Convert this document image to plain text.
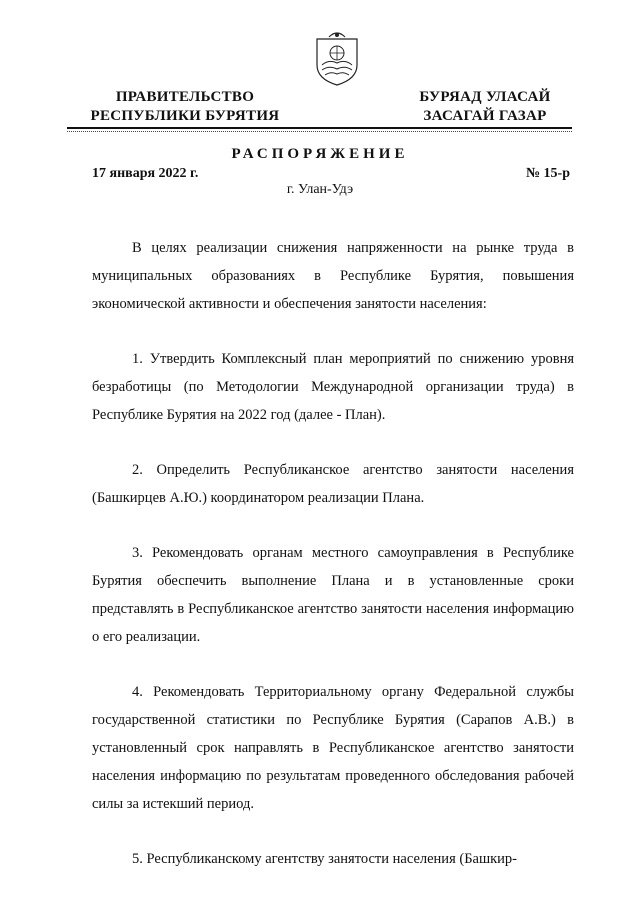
ПРАВИТЕЛЬСТВО
РЕСПУБЛИКИ БУРЯТИЯ
БУРЯАД УЛАСАЙ
ЗАСАГАЙ ГАЗАР
РАСПОРЯЖЕНИЕ
17 января 2022 г.	№ 15-р
г. Улан-Удэ

В целях реализации снижения напряженности на рынке труда в муниципальных образованиях в Республике Бурятия, повышения экономической активности и обеспечения занятости населения:

1. Утвердить Комплексный план мероприятий по снижению уровня безработицы (по Методологии Международной организации труда) в Республике Бурятия на 2022 год (далее - План).

2. Определить Республиканское агентство занятости населения (Башкирцев А.Ю.) координатором реализации Плана.

3. Рекомендовать органам местного самоуправления в Республике Бурятия обеспечить выполнение Плана и в установленные сроки представлять в Республиканское агентство занятости населения информацию о его реализации.

4. Рекомендовать Территориальному органу Федеральной службы государственной статистики по Республике Бурятия (Сарапов А.В.) в установленный срок направлять в Республиканское агентство занятости населения информацию по результатам проведенного обследования рабочей силы за истекший период.

5. Республиканскому агентству занятости населения (Башкир-
